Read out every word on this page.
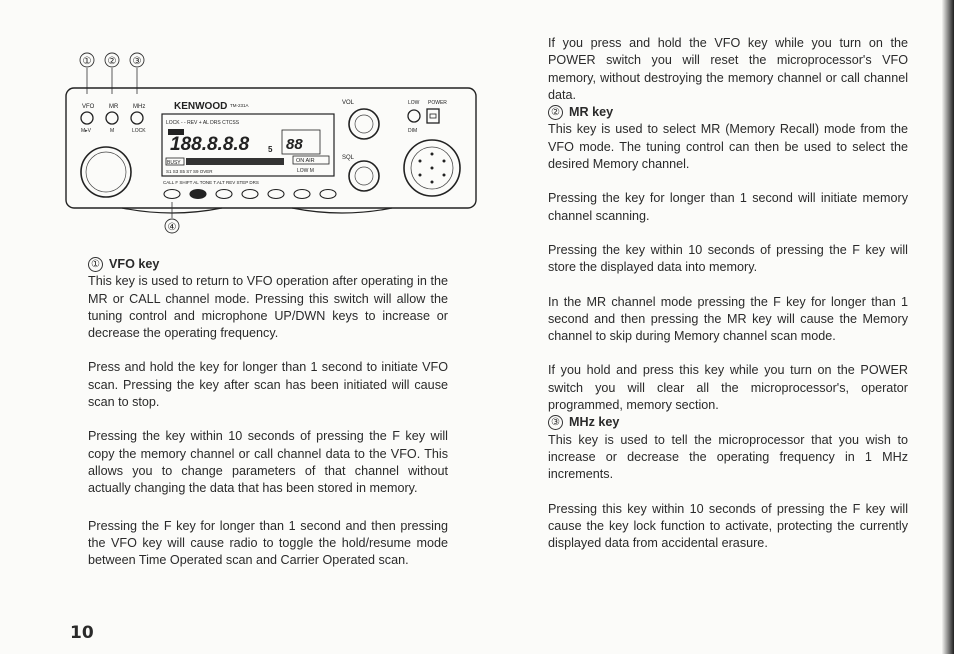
① ② ③
VFO MR MHz
M▸V	M	LOCK
KENWOOD TM-231A
LOCK ‑ ‑ REV + AL DRS CTCSS
188.8.8.8 5 88
BUSY	ON AIR
LOW M
S1 S3 S5 S7 S9 OVER
CALL F SHIFT AL TONE T.ALT REV STEP DRS
④
VOL
SQL
LOW POWER
DIM
① VFO key

This key is used to return to VFO operation after operating in the MR or CALL channel mode. Pressing this switch will allow the tuning control and microphone UP/DWN keys to increase or decrease the operating frequency.

Press and hold the key for longer than 1 second to initiate VFO scan. Pressing the key after scan has been initiated will cause scan to stop.

Pressing the key within 10 seconds of pressing the F key will copy the memory channel or call channel data to the VFO. This allows you to change parameters of that channel without actually changing the data that has been stored in memory.

Pressing the F key for longer than 1 second and then pressing the VFO key will cause radio to toggle the hold/resume mode between Time Operated scan and Carrier Operated scan.

If you press and hold the VFO key while you turn on the POWER switch you will reset the microprocessor's VFO memory, without destroying the memory channel or call channel data.

② MR key

This key is used to select MR (Memory Recall) mode from the VFO mode. The tuning control can then be used to select the desired Memory channel.

Pressing the key for longer than 1 second will initiate memory channel scanning.

Pressing the key within 10 seconds of pressing the F key will store the displayed data into memory.

In the MR channel mode pressing the F key for longer than 1 second and then pressing the MR key will cause the Memory channel to skip during Memory channel scan mode.

If you hold and press this key while you turn on the POWER switch you will clear all the microprocessor's, operator programmed, memory section.

③ MHz key

This key is used to tell the microprocessor that you wish to increase or decrease the operating frequency in 1 MHz increments.

Pressing this key within 10 seconds of pressing the F key will cause the key lock function to activate, protecting the currently displayed data from accidental erasure.

10
